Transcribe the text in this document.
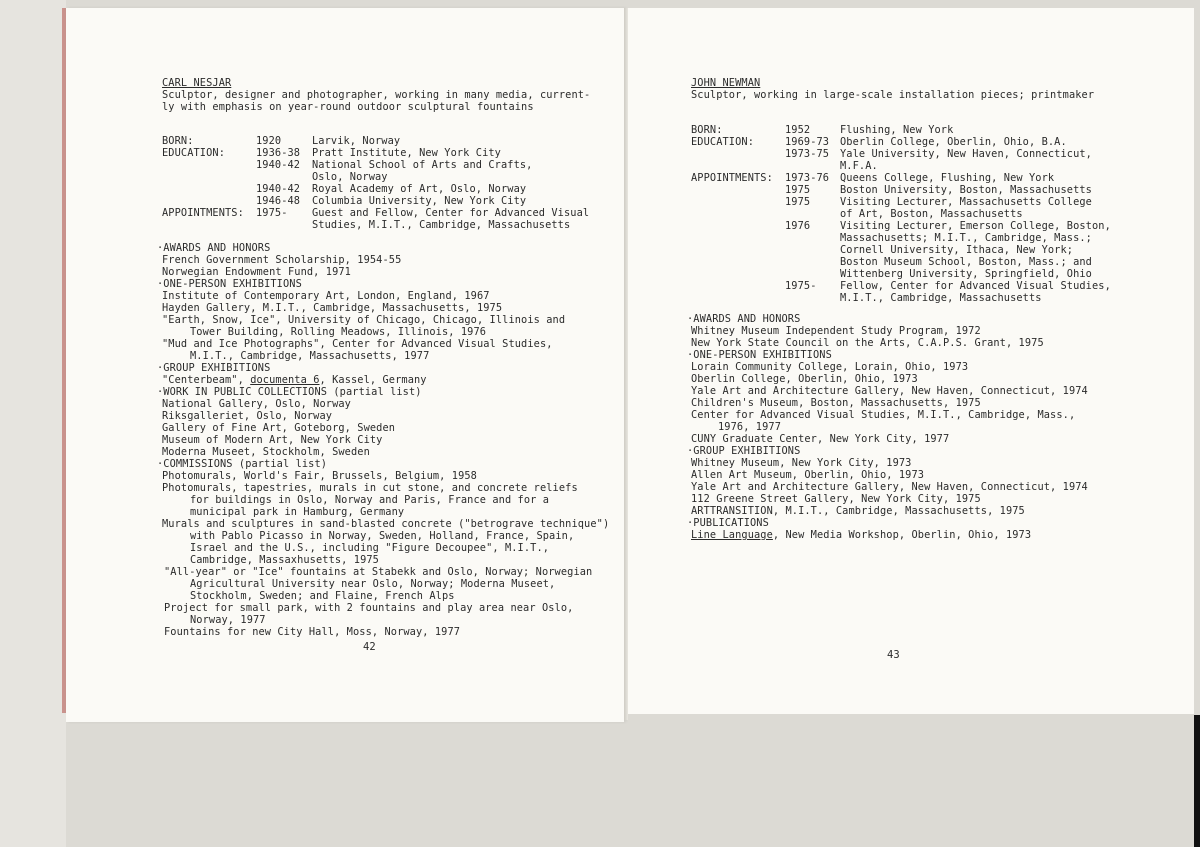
CARL NESJAR
Sculptor, designer and photographer, working in many media, current-
ly with emphasis on year-round outdoor sculptural fountains
BORN:	1920	Larvik, Norway
EDUCATION:	1936-38 Pratt Institute, New York City
1940-42 National School of Arts and Crafts,
Oslo, Norway
1940-42 Royal Academy of Art, Oslo, Norway
1946-48 Columbia University, New York City
APPOINTMENTS: 1975- Guest and Fellow, Center for Advanced Visual
Studies, M.I.T., Cambridge, Massachusetts
·AWARDS AND HONORS
French Government Scholarship, 1954-55
Norwegian Endowment Fund, 1971
·ONE-PERSON EXHIBITIONS
Institute of Contemporary Art, London, England, 1967
Hayden Gallery, M.I.T., Cambridge, Massachusetts, 1975
"Earth, Snow, Ice", University of Chicago, Chicago, Illinois and
Tower Building, Rolling Meadows, Illinois, 1976
"Mud and Ice Photographs", Center for Advanced Visual Studies,
M.I.T., Cambridge, Massachusetts, 1977
·GROUP EXHIBITIONS
"Centerbeam", documenta 6, Kassel, Germany
·WORK IN PUBLIC COLLECTIONS (partial list)
National Gallery, Oslo, Norway
Riksgalleriet, Oslo, Norway
Gallery of Fine Art, Goteborg, Sweden
Museum of Modern Art, New York City
Moderna Museet, Stockholm, Sweden
·COMMISSIONS (partial list)
Photomurals, World's Fair, Brussels, Belgium, 1958
Photomurals, tapestries, murals in cut stone, and concrete reliefs
for buildings in Oslo, Norway and Paris, France and for a
municipal park in Hamburg, Germany
Murals and sculptures in sand-blasted concrete ("betrograve technique")
with Pablo Picasso in Norway, Sweden, Holland, France, Spain,
Israel and the U.S., including "Figure Decoupee", M.I.T.,
Cambridge, Massaxhusetts, 1975
"All-year" or "Ice" fountains at Stabekk and Oslo, Norway; Norwegian
Agricultural University near Oslo, Norway; Moderna Museet,
Stockholm, Sweden; and Flaine, French Alps
Project for small park, with 2 fountains and play area near Oslo,
Norway, 1977
Fountains for new City Hall, Moss, Norway, 1977
42
JOHN NEWMAN
Sculptor, working in large-scale installation pieces; printmaker
BORN:	1952	Flushing, New York
EDUCATION:	1969-73 Oberlin College, Oberlin, Ohio, B.A.
1973-75 Yale University, New Haven, Connecticut,
M.F.A.
APPOINTMENTS: 1973-76 Queens College, Flushing, New York
1975	Boston University, Boston, Massachusetts
1975	Visiting Lecturer, Massachusetts College
of Art, Boston, Massachusetts
1976	Visiting Lecturer, Emerson College, Boston,
Massachusetts; M.I.T., Cambridge, Mass.;
Cornell University, Ithaca, New York;
Boston Museum School, Boston, Mass.; and
Wittenberg University, Springfield, Ohio
1975- Fellow, Center for Advanced Visual Studies,
M.I.T., Cambridge, Massachusetts
·AWARDS AND HONORS
Whitney Museum Independent Study Program, 1972
New York State Council on the Arts, C.A.P.S. Grant, 1975
·ONE-PERSON EXHIBITIONS
Lorain Community College, Lorain, Ohio, 1973
Oberlin College, Oberlin, Ohio, 1973
Yale Art and Architecture Gallery, New Haven, Connecticut, 1974
Children's Museum, Boston, Massachusetts, 1975
Center for Advanced Visual Studies, M.I.T., Cambridge, Mass.,
1976, 1977
CUNY Graduate Center, New York City, 1977
·GROUP EXHIBITIONS
Whitney Museum, New York City, 1973
Allen Art Museum, Oberlin, Ohio, 1973
Yale Art and Architecture Gallery, New Haven, Connecticut, 1974
112 Greene Street Gallery, New York City, 1975
ARTTRANSITION, M.I.T., Cambridge, Massachusetts, 1975
·PUBLICATIONS
Line Language, New Media Workshop, Oberlin, Ohio, 1973
43
